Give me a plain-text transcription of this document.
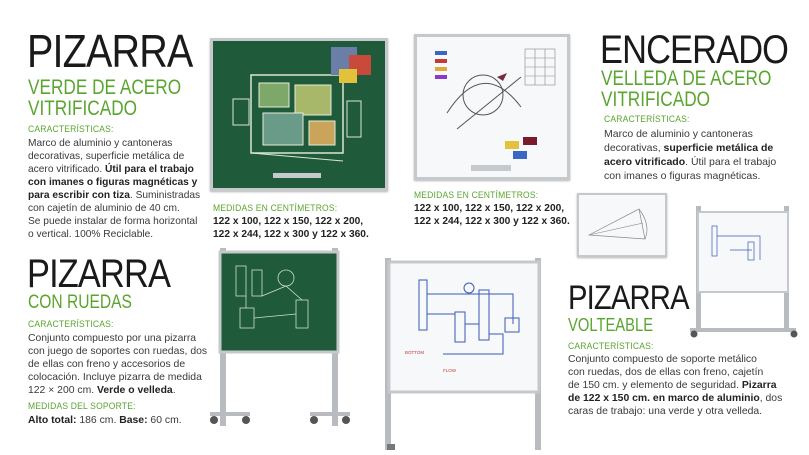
PIZARRA
VERDE DE ACERO
VITRIFICADO
CARACTERÍSTICAS:
Marco de aluminio y cantoneras
decorativas, superficie metálica de
acero vitrificado. Útil para el trabajo
con imanes o figuras magnéticas y
para escribir con tiza. Suministradas
con cajetín de aluminio de 40 cm.
Se puede instalar de forma horizontal
o vertical. 100% Reciclable.
MEDIDAS EN CENTÍMETROS:
122 x 100, 122 x 150, 122 x 200,
122 x 244, 122 x 300 y 122 x 360.
ENCERADO
VELLEDA DE ACERO
VITRIFICADO
CARACTERÍSTICAS:
Marco de aluminio y cantoneras
decorativas, superficie metálica de
acero vitrificado. Útil para el trabajo
con imanes o figuras magnéticas.
MEDIDAS EN CENTÍMETROS:
122 x 100, 122 x 150, 122 x 200,
122 x 244, 122 x 300 y 122 x 360.
PIZARRA
CON RUEDAS
CARACTERÍSTICAS:
Conjunto compuesto por una pizarra
con juego de soportes con ruedas, dos
de ellas con freno y accesorios de
colocación. Incluye pizarra de medida
122 × 200 cm. Verde o velleda.
MEDIDAS DEL SOPORTE:
Alto total: 186 cm. Base: 60 cm.
BOTTOM
FLOW
PIZARRA
VOLTEABLE
CARACTERÍSTICAS:
Conjunto compuesto de soporte metálico
con ruedas, dos de ellas con freno, cajetín
de 150 cm. y elemento de seguridad. Pizarra
de 122 x 150 cm. en marco de aluminio, dos
caras de trabajo: una verde y otra velleda.
